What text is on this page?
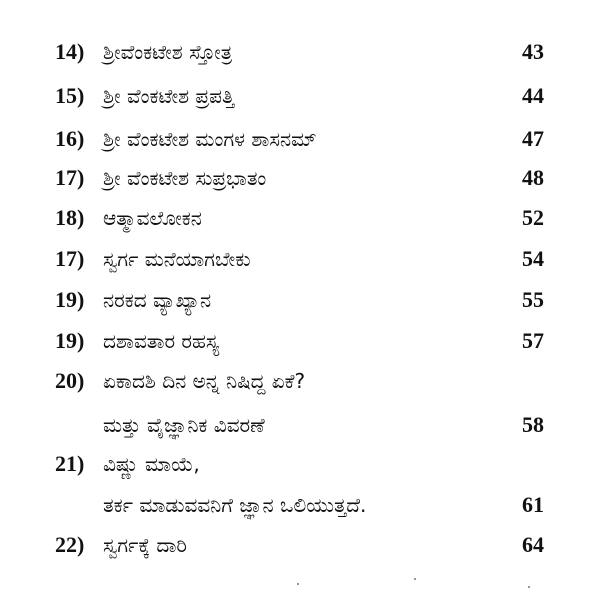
14) ಶ್ರೀವೆಂಕಟೇಶ ಸ್ತೋತ್ರ	43
15) ಶ್ರೀ ವೆಂಕಟೇಶ ಪ್ರಪತ್ತಿ	44
16) ಶ್ರೀ ವೆಂಕಟೇಶ ಮಂಗಳ ಶಾಸನಮ್	47
17) ಶ್ರೀ ವೆಂಕಟೇಶ ಸುಪ್ರಭಾತಂ	48
18) ಆತ್ಮಾವಲೋಕನ	52
17) ಸ್ವರ್ಗ ಮನೆಯಾಗಬೇಕು	54
19) ನರಕದ ವ್ಯಾಖ್ಯಾನ	55
19) ದಶಾವತಾರ ರಹಸ್ಯ	57
20) ಏಕಾದಶಿ ದಿನ ಅನ್ನ ನಿಷಿದ್ದ ಏಕೆ?
ಮತ್ತು ವೈಜ್ಞಾನಿಕ ವಿವರಣೆ	58
21) ವಿಷ್ಣು ಮಾಯೆ,
ತರ್ಕ ಮಾಡುವವನಿಗೆ ಜ್ಞಾನ ಒಲಿಯುತ್ತದೆ.	61
22) ಸ್ವರ್ಗಕ್ಕೆ ದಾರಿ	64
